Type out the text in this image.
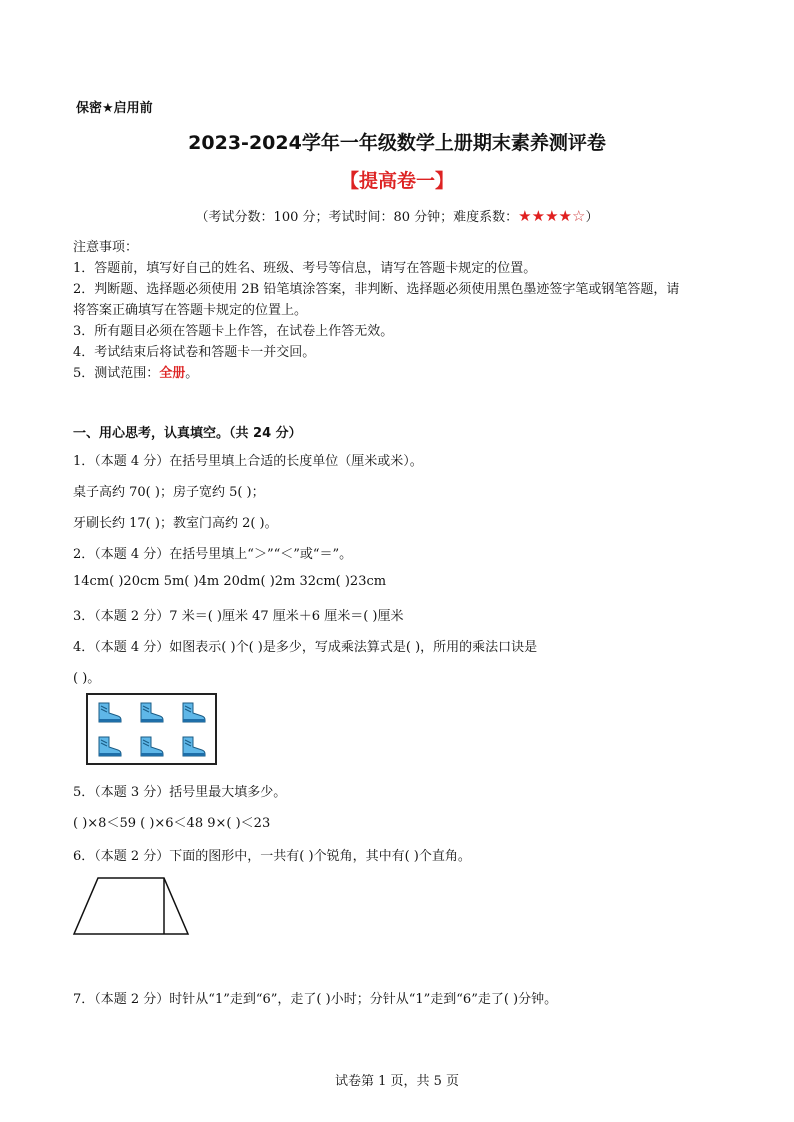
保密★启用前
2023-2024学年一年级数学上册期末素养测评卷
【提高卷一】
（考试分数：100 分；考试时间：80 分钟；难度系数：★★★★☆）
注意事项：
1．答题前，填写好自己的姓名、班级、考号等信息，请写在答题卡规定的位置。
2．判断题、选择题必须使用 2B 铅笔填涂答案，非判断、选择题必须使用黑色墨迹签字笔或钢笔答题，请
将答案正确填写在答题卡规定的位置上。
3．所有题目必须在答题卡上作答，在试卷上作答无效。
4．考试结束后将试卷和答题卡一并交回。
5．测试范围：全册。
一、用心思考，认真填空。（共 24 分）
1．（本题 4 分）在括号里填上合适的长度单位（厘米或米）。
桌子高约 70( )；房子宽约 5( )；
牙刷长约 17( )；教室门高约 2( )。
2．（本题 4 分）在括号里填上“＞”“＜”或“＝”。
14cm( )20cm 5m( )4m 20dm( )2m 32cm( )23cm
3．（本题 2 分）7 米＝( )厘米 47 厘米＋6 厘米＝( )厘米
4．（本题 4 分）如图表示( )个( )是多少，写成乘法算式是( )，所用的乘法口诀是
( )。
5．（本题 3 分）括号里最大填多少。
( )×8＜59 ( )×6＜48 9×( )＜23
6．（本题 2 分）下面的图形中，一共有( )个锐角，其中有( )个直角。
7．（本题 2 分）时针从“1”走到“6”，走了( )小时；分针从“1”走到“6”走了( )分钟。
试卷第 1 页，共 5 页
